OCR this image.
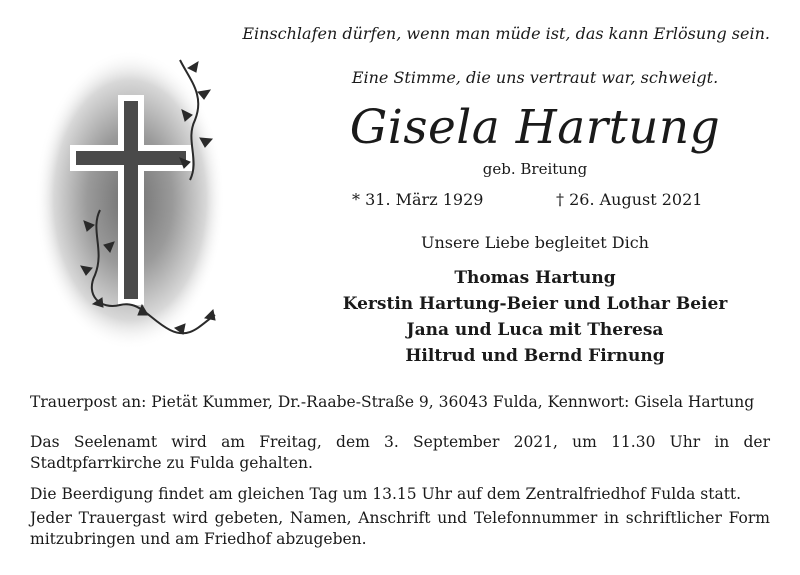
Einschlafen dürfen, wenn man müde ist, das kann Erlösung sein.
Eine Stimme, die uns vertraut war, schweigt.
Gisela Hartung
geb. Breitung
* 31. März 1929	† 26. August 2021
Unsere Liebe begleitet Dich
Thomas Hartung
Kerstin Hartung-Beier und Lothar Beier
Jana und Luca mit Theresa
Hiltrud und Bernd Firnung
Trauerpost an: Pietät Kummer, Dr.-Raabe-Straße 9, 36043 Fulda, Kennwort: Gisela Hartung
Das Seelenamt wird am Freitag, dem 3. September 2021, um 11.30 Uhr in der Stadtpfarrkirche zu Fulda gehalten.
Die Beerdigung findet am gleichen Tag um 13.15 Uhr auf dem Zentralfriedhof Fulda statt.
Jeder Trauergast wird gebeten, Namen, Anschrift und Telefonnummer in schriftlicher Form mitzubringen und am Friedhof abzugeben.
